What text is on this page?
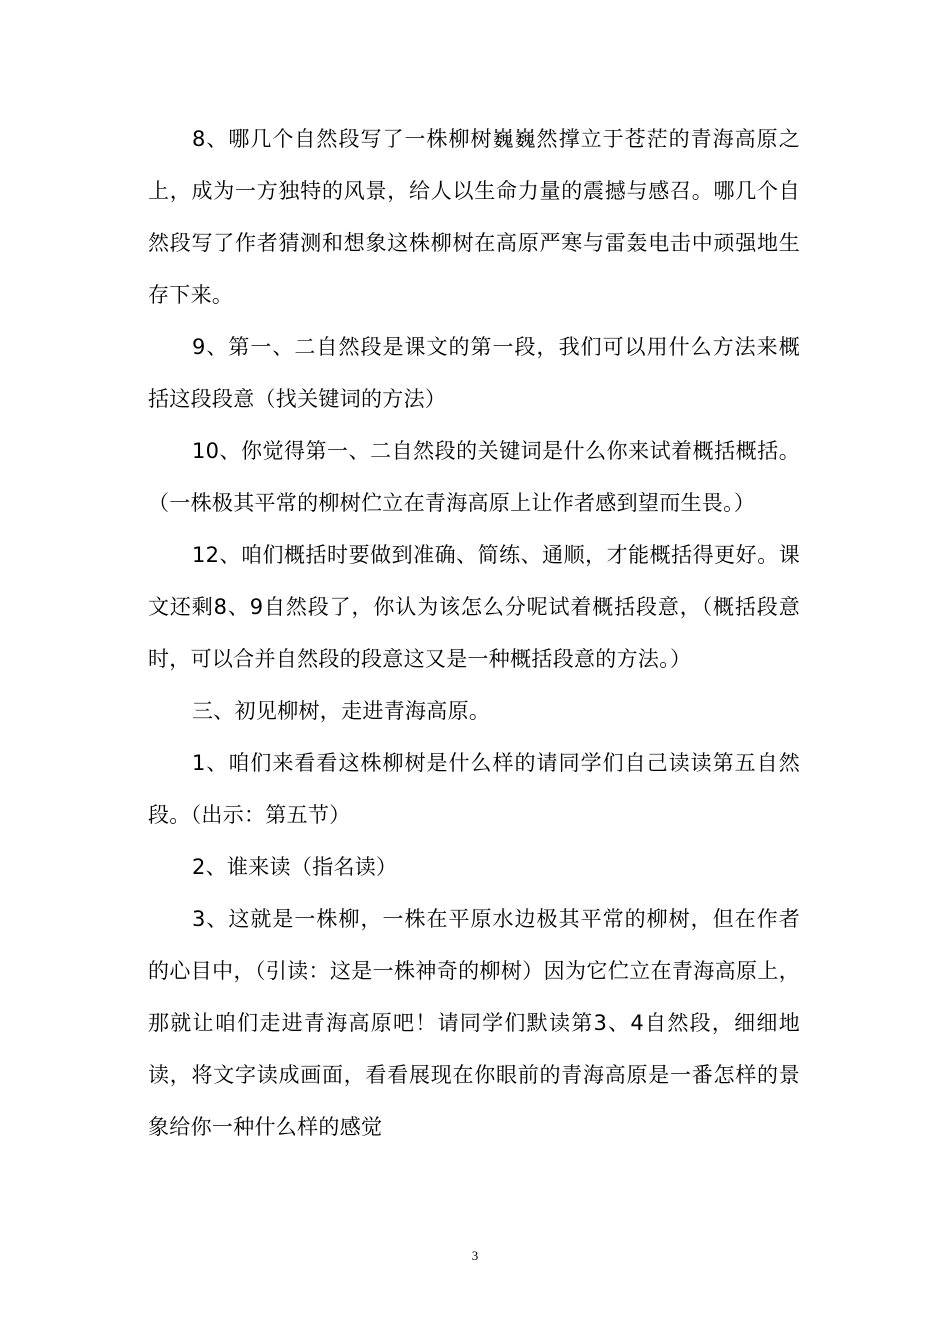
8、哪几个自然段写了一株柳树巍巍然撑立于苍茫的青海高原之上，成为一方独特的风景，给人以生命力量的震撼与感召。哪几个自然段写了作者猜测和想象这株柳树在高原严寒与雷轰电击中顽强地生存下来。

9、第一、二自然段是课文的第一段，我们可以用什么方法来概括这段段意（找关键词的方法）

10、你觉得第一、二自然段的关键词是什么你来试着概括概括。（一株极其平常的柳树伫立在青海高原上让作者感到望而生畏。）

12、咱们概括时要做到准确、简练、通顺，才能概括得更好。课文还剩8、9自然段了，你认为该怎么分呢试着概括段意，（概括段意时，可以合并自然段的段意这又是一种概括段意的方法。）

三、初见柳树，走进青海高原。

1、咱们来看看这株柳树是什么样的请同学们自己读读第五自然段。（出示：第五节）

2、谁来读（指名读）

3、这就是一株柳，一株在平原水边极其平常的柳树，但在作者的心目中，（引读：这是一株神奇的柳树）因为它伫立在青海高原上，那就让咱们走进青海高原吧！请同学们默读第3、4自然段，细细地读，将文字读成画面，看看展现在你眼前的青海高原是一番怎样的景象给你一种什么样的感觉

3
